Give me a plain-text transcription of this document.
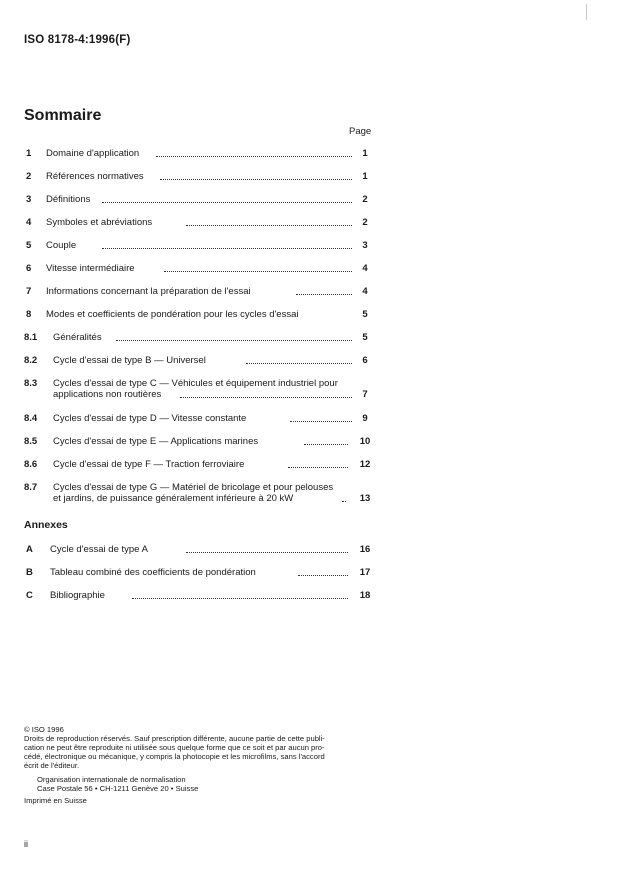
ISO 8178-4:1996(F)
Sommaire
Page
1 Domaine d'application	1
2 Références normatives	1
3 Définitions	2
4 Symboles et abréviations	2
5 Couple	3
6 Vitesse intermédiaire	4
7 Informations concernant la préparation de l'essai	4
8 Modes et coefficients de pondération pour les cycles d'essai	5
8.1 Généralités	5
8.2 Cycle d'essai de type B — Universel	6
8.3 Cycles d'essai de type C — Véhicules et équipement industriel pour
applications non routières	7
8.4 Cycles d'essai de type D — Vitesse constante	9
8.5 Cycles d'essai de type E — Applications marines	10
8.6 Cycle d'essai de type F — Traction ferroviaire	12
8.7 Cycles d'essai de type G — Matériel de bricolage et pour pelouses
et jardins, de puissance généralement inférieure à 20 kW	13
Annexes
A Cycle d'essai de type A	16
B Tableau combiné des coefficients de pondération	17
C Bibliographie	18
© ISO 1996
Droits de reproduction réservés. Sauf prescription différente, aucune partie de cette publi-
cation ne peut être reproduite ni utilisée sous quelque forme que ce soit et par aucun pro-
cédé, électronique ou mécanique, y compris la photocopie et les microfilms, sans l'accord
écrit de l'éditeur.
Organisation internationale de normalisation
Case Postale 56 • CH-1211 Genève 20 • Suisse
Imprimé en Suisse
ii
